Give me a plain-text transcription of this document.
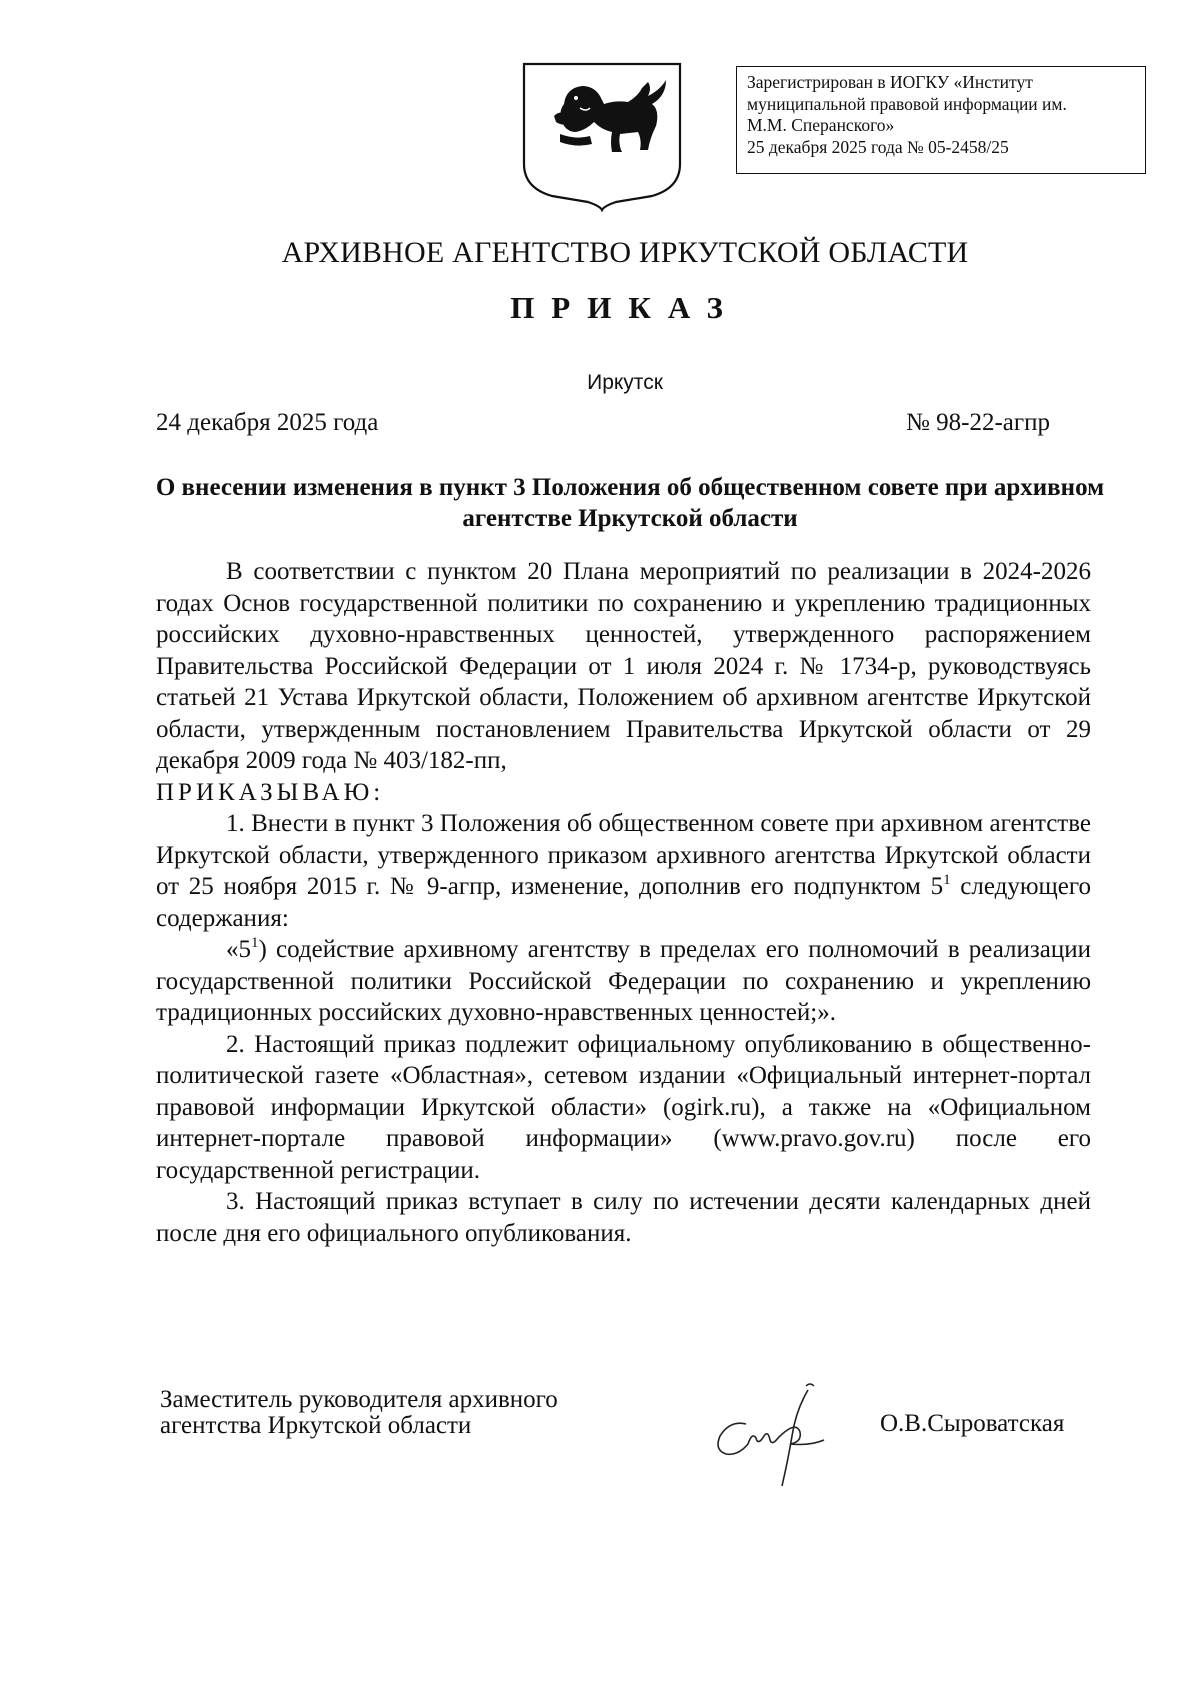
Зарегистрирован в ИОГКУ «Институт
муниципальной правовой информации им.
М.М. Сперанского»
25 декабря 2025 года № 05-2458/25
АРХИВНОЕ АГЕНТСТВО ИРКУТСКОЙ ОБЛАСТИ
ПРИКАЗ
Иркутск
24 декабря 2025 года	№ 98-22-агпр
О внесении изменения в пункт 3 Положения об общественном совете при архивном агентстве Иркутской области

В соответствии с пунктом 20 Плана мероприятий по реализации в 2024-2026 годах Основ государственной политики по сохранению и укреплению традиционных российских духовно-нравственных ценностей, утвержденного распоряжением Правительства Российской Федерации от 1 июля 2024 г. № 1734-р, руководствуясь статьей 21 Устава Иркутской области, Положением об архивном агентстве Иркутской области, утвержденным постановлением Правительства Иркутской области от 29 декабря 2009 года № 403/182-пп,

ПРИКАЗЫВАЮ:

1. Внести в пункт 3 Положения об общественном совете при архивном агентстве Иркутской области, утвержденного приказом архивного агентства Иркутской области от 25 ноября 2015 г. № 9-агпр, изменение, дополнив его подпунктом $5^1$ следующего содержания:

«$5^1$) содействие архивному агентству в пределах его полномочий в реализации государственной политики Российской Федерации по сохранению и укреплению традиционных российских духовно-нравственных ценностей;».

2. Настоящий приказ подлежит официальному опубликованию в общественно-политической газете «Областная», сетевом издании «Официальный интернет-портал правовой информации Иркутской области» (ogirk.ru), а также на «Официальном интернет-портале правовой информации» (www.pravo.gov.ru) после его государственной регистрации.

3. Настоящий приказ вступает в силу по истечении десяти календарных дней после дня его официального опубликования.

Заместитель руководителя архивного
агентства Иркутской области	О.В.Сыроватская
